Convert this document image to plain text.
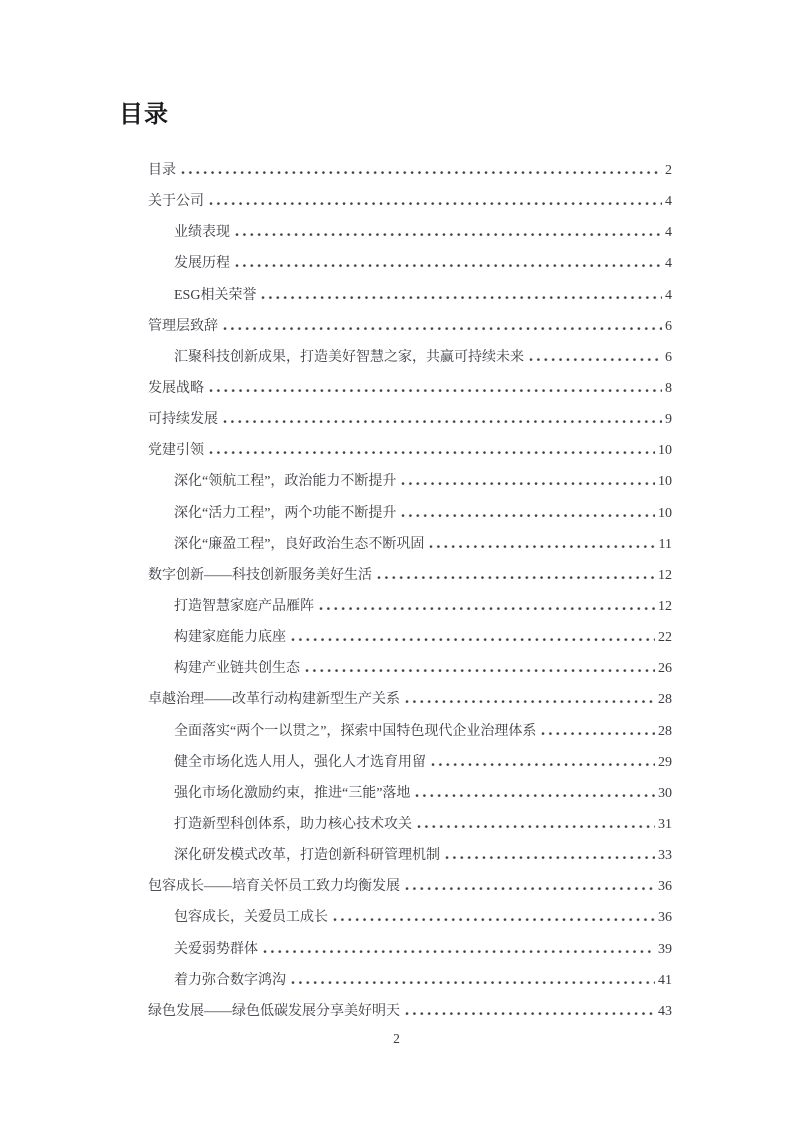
目录
目录	2
关于公司	4
业绩表现	4
发展历程	4
ESG相关荣誉	4
管理层致辞	6
汇聚科技创新成果，打造美好智慧之家，共赢可持续未来	6
发展战略	8
可持续发展	9
党建引领	10
深化“领航工程”，政治能力不断提升	10
深化“活力工程”，两个功能不断提升	10
深化“廉盈工程”，良好政治生态不断巩固	11
数字创新——科技创新服务美好生活	12
打造智慧家庭产品雁阵	12
构建家庭能力底座	22
构建产业链共创生态	26
卓越治理——改革行动构建新型生产关系	28
全面落实“两个一以贯之”，探索中国特色现代企业治理体系	28
健全市场化选人用人，强化人才选育用留	29
强化市场化激励约束，推进“三能”落地	30
打造新型科创体系，助力核心技术攻关	31
深化研发模式改革，打造创新科研管理机制	33
包容成长——培育关怀员工致力均衡发展	36
包容成长，关爱员工成长	36
关爱弱势群体	39
着力弥合数字鸿沟	41
绿色发展——绿色低碳发展分享美好明天	43
2
